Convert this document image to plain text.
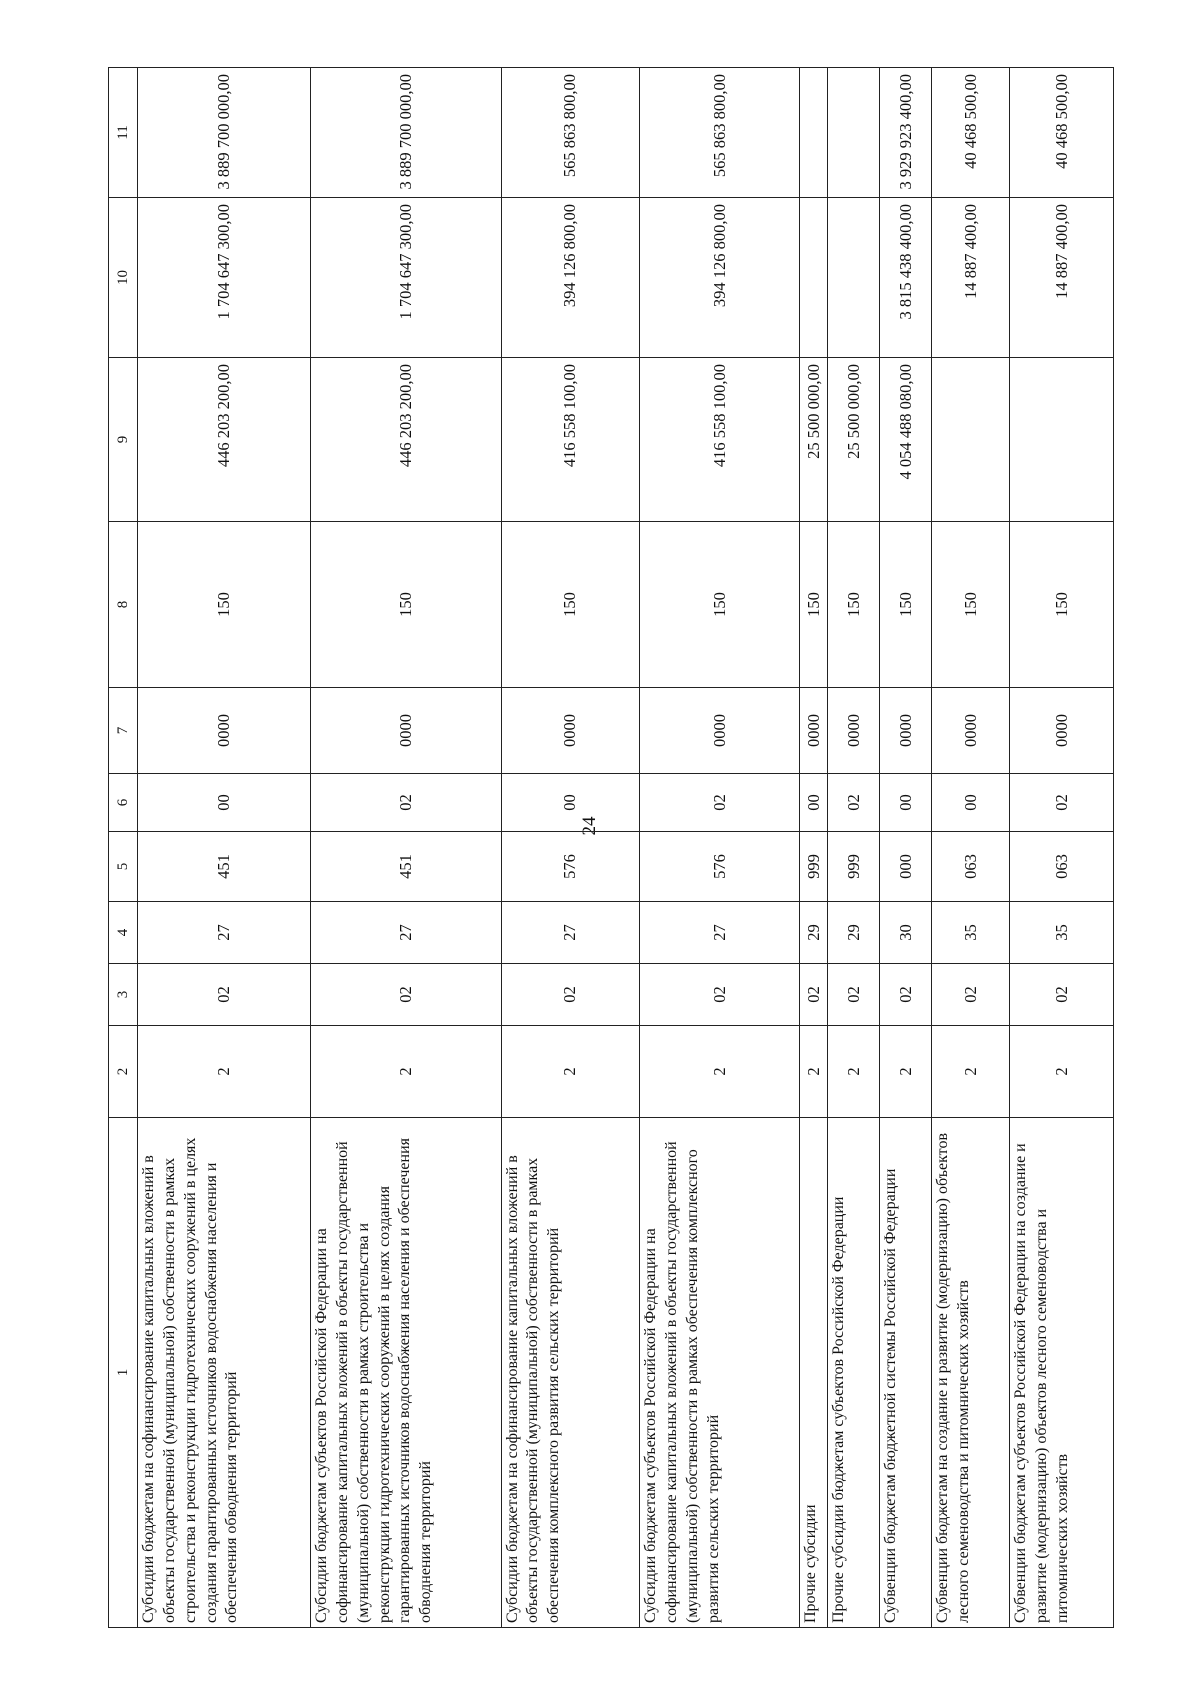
24
1	2	3	4	5	6	7	8	9	10	11
Субсидии бюджетам на софинансирование капитальных вложений в объекты государственной (муниципальной) собственности в рамках строительства и реконструкции гидротехнических сооружений в целях создания гарантированных источников водоснабжения населения и обеспечения обводнения территорий	2	02	27	451	00	0000	150	446 203 200,00	1 704 647 300,00	3 889 700 000,00
Субсидии бюджетам субъектов Российской Федерации на софинансирование капитальных вложений в объекты государственной (муниципальной) собственности в рамках строительства и реконструкции гидротехнических сооружений в целях создания гарантированных источников водоснабжения населения и обеспечения обводнения территорий	2	02	27	451	02	0000	150	446 203 200,00	1 704 647 300,00	3 889 700 000,00
Субсидии бюджетам на софинансирование капитальных вложений в объекты государственной (муниципальной) собственности в рамках обеспечения комплексного развития сельских территорий	2	02	27	576	00	0000	150	416 558 100,00	394 126 800,00	565 863 800,00
Субсидии бюджетам субъектов Российской Федерации на софинансирование капитальных вложений в объекты государственной (муниципальной) собственности в рамках обеспечения комплексного развития сельских территорий	2	02	27	576	02	0000	150	416 558 100,00	394 126 800,00	565 863 800,00
Прочие субсидии	2	02	29	999	00	0000	150	25 500 000,00		
Прочие субсидии бюджетам субъектов Российской Федерации	2	02	29	999	02	0000	150	25 500 000,00		
Субвенции бюджетам бюджетной системы Российской Федерации	2	02	30	000	00	0000	150	4 054 488 080,00	3 815 438 400,00	3 929 923 400,00
Субвенции бюджетам на создание и развитие (модернизацию) объектов лесного семеноводства и питомнических хозяйств	2	02	35	063	00	0000	150		14 887 400,00	40 468 500,00
Субвенции бюджетам субъектов Российской Федерации на создание и развитие (модернизацию) объектов лесного семеноводства и питомнических хозяйств	2	02	35	063	02	0000	150		14 887 400,00	40 468 500,00
